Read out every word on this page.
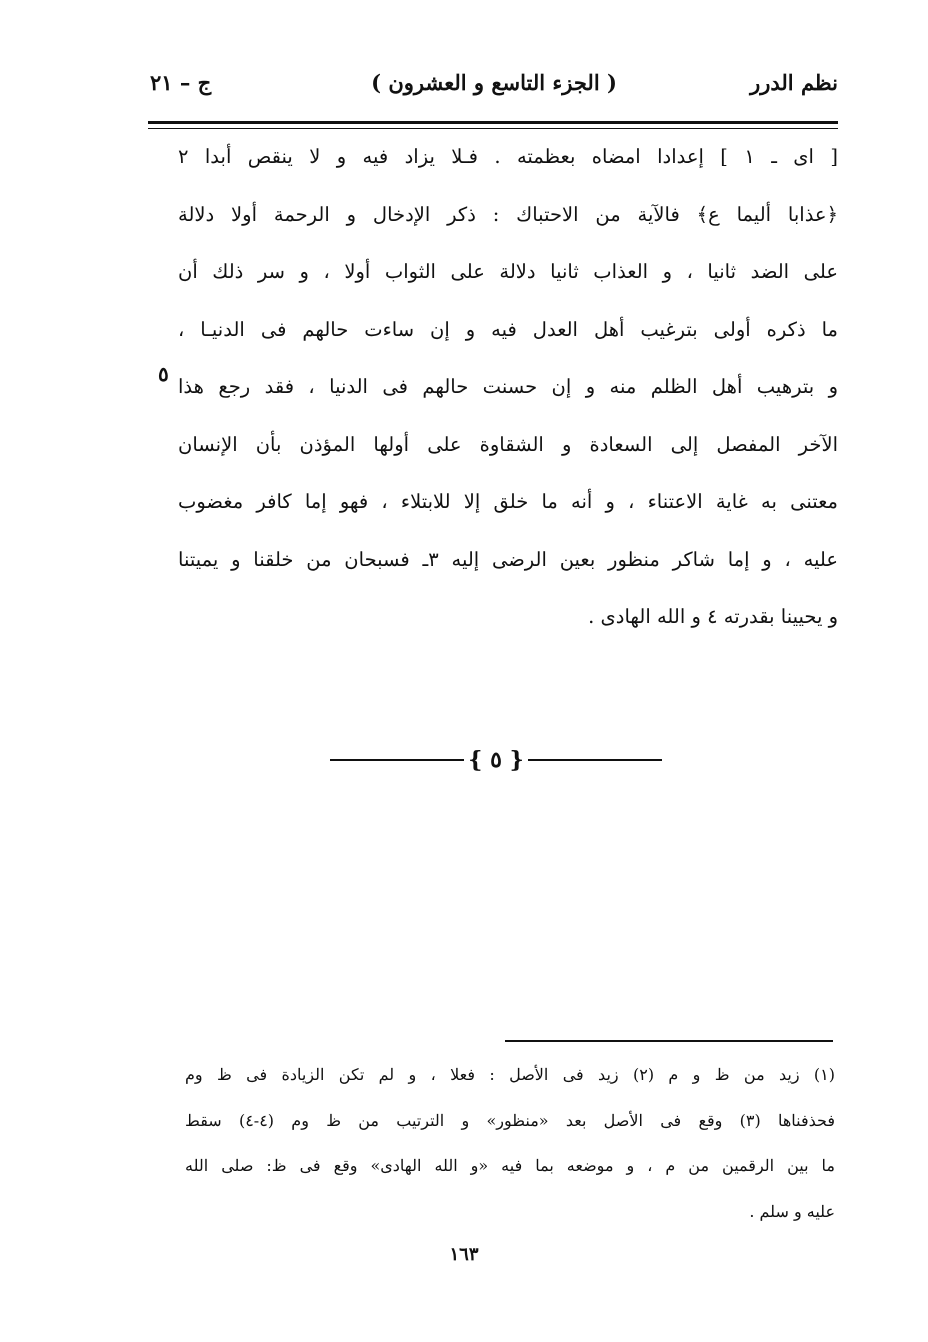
نظم الدرر
( الجزء التاسع و العشرون )
ج – ٢١
[ اى ـ ١ ] إعدادا امضاه بعظمته . فـلا يزاد فيه و لا ينقص أبدا ٢
﴿عذابا أليما ع﴾ فالآية من الاحتباك : ذكر الإدخال و الرحمة أولا دلالة
على الضد ثانيا ، و العذاب ثانيا دلالة على الثواب أولا ، و سر ذلك أن
ما ذكره أولى بترغيب أهل العدل فيه و إن ساءت حالهم فى الدنيـا ،
و بترهيب أهل الظلم منه و إن حسنت حالهم فى الدنيا ، فقد رجع هذا
الآخر المفصل إلى السعادة و الشقاوة على أولها المؤذن بأن الإنسان
معتنى به غاية الاعتناء ، و أنه ما خلق إلا للابتلاء ، فهو إما كافر مغضوب
عليه ، و إما شاكر منظور بعين الرضى إليه ٣ـ فسبحان من خلقنا و يميتنا
و يحيينا بقدرته ٤ و الله الهادى .
٥
{ ٥ }
(١) زيد من ظ و م (٢) زيد فى الأصل : فعلا ، و لم تكن الزيادة فى ظ وم
فحذفناها (٣) وقع فى الأصل بعد «منظور» و الترتيب من ظ وم (٤-٤) سقط
ما بين الرقمين من م ، و موضعه بما فيه «و الله الهادى» وقع فى ظ: صلى الله
عليه و سلم .
١٦٣
